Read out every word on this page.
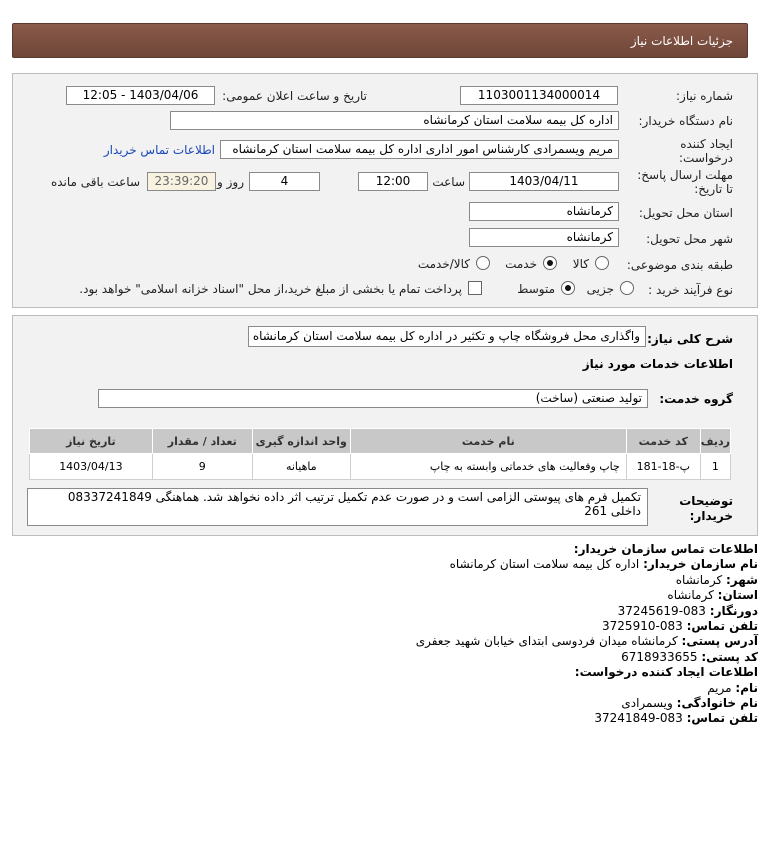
جزئیات اطلاعات نیاز
شماره نیاز:
1103001134000014
تاریخ و ساعت اعلان عمومی:
1403/04/06 - 12:05
نام دستگاه خریدار:
اداره کل بیمه سلامت استان کرمانشاه
ایجاد کننده
درخواست:
مریم ویسمرادی کارشناس امور اداری اداره کل بیمه سلامت استان کرمانشاه
اطلاعات تماس خریدار
مهلت ارسال پاسخ:
تا تاریخ:
1403/04/11
ساعت
12:00
4
روز و
23:39:20
ساعت باقی مانده
استان محل تحویل:
کرمانشاه
شهر محل تحویل:
کرمانشاه
طبقه بندی موضوعی:
کالا
خدمت
کالا/خدمت
نوع فرآیند خرید :
جزیی
متوسط
پرداخت تمام یا بخشی از مبلغ خرید،از محل "اسناد خزانه اسلامی" خواهد بود.
شرح کلی نیاز:
واگذاری محل فروشگاه چاپ و تکثیر در اداره کل بیمه سلامت استان کرمانشاه
اطلاعات خدمات مورد نیاز
گروه خدمت:
تولید صنعتی (ساخت)
ردیف	کد خدمت	نام خدمت	واحد اندازه گیری	تعداد / مقدار	تاریخ نیاز
1	پ-18-181	چاپ وفعالیت های خدماتی وابسته به چاپ	ماهیانه	9	1403/04/13
توضیحات
خریدار:
تکمیل فرم های پیوستی الزامی است و در صورت عدم تکمیل ترتیب اثر داده نخواهد شد. هماهنگی 08337241849
داخلی 261
اطلاعات تماس سازمان خریدار:
نام سازمان خریدار: اداره کل بیمه سلامت استان کرمانشاه
شهر: کرمانشاه
استان: کرمانشاه
دورنگار: 083-37245619
تلفن تماس: 083-3725910
آدرس پستی: کرمانشاه میدان فردوسی ابتدای خیابان شهید جعفری
کد پستی: 6718933655
اطلاعات ایجاد کننده درخواست:
نام: مریم
نام خانوادگی: ویسمرادی
تلفن تماس: 083-37241849
